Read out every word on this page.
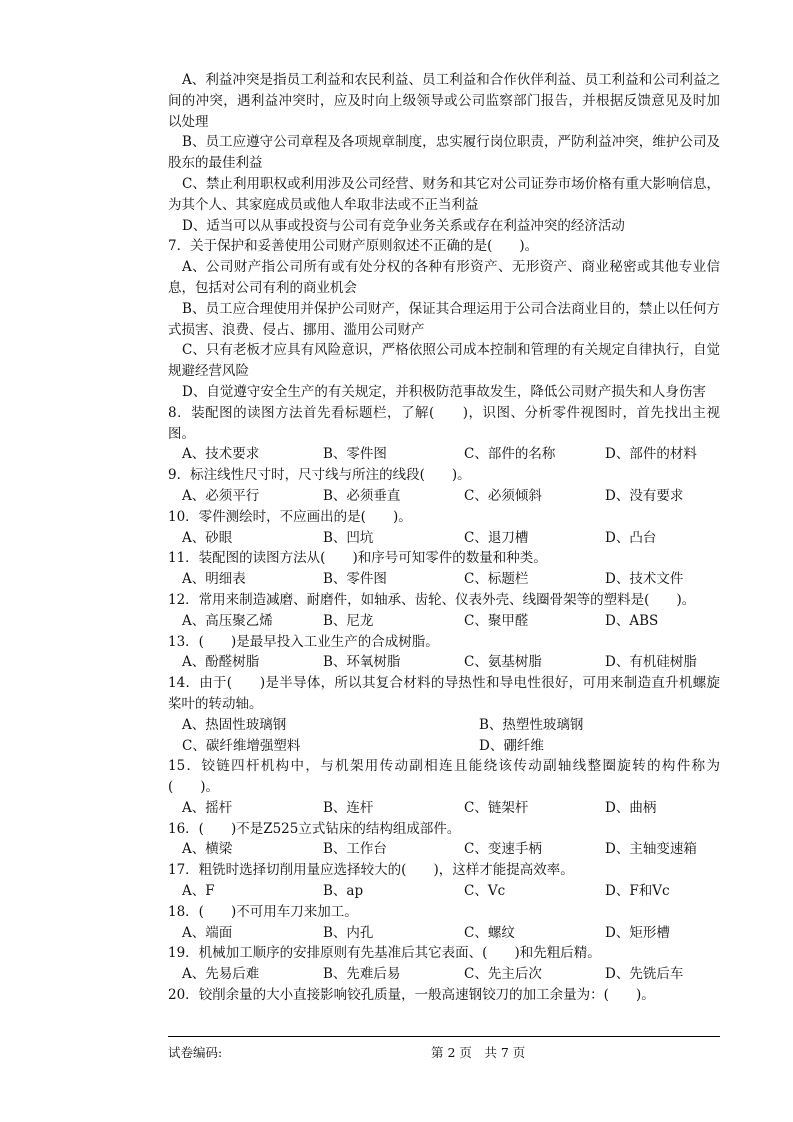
A、利益冲突是指员工利益和农民利益、员工利益和合作伙伴利益、员工利益和公司利益之间的冲突，遇利益冲突时，应及时向上级领导或公司监察部门报告，并根据反馈意见及时加以处理

B、员工应遵守公司章程及各项规章制度，忠实履行岗位职责，严防利益冲突，维护公司及股东的最佳利益

C、禁止利用职权或利用涉及公司经营、财务和其它对公司证券市场价格有重大影响信息，为其个人、其家庭成员或他人牟取非法或不正当利益

D、适当可以从事或投资与公司有竞争业务关系或存在利益冲突的经济活动

7．关于保护和妥善使用公司财产原则叙述不正确的是(　　)。

A、公司财产指公司所有或有处分权的各种有形资产、无形资产、商业秘密或其他专业信息，包括对公司有利的商业机会

B、员工应合理使用并保护公司财产，保证其合理运用于公司合法商业目的，禁止以任何方式损害、浪费、侵占、挪用、滥用公司财产

C、只有老板才应具有风险意识，严格依照公司成本控制和管理的有关规定自律执行，自觉规避经营风险

D、自觉遵守安全生产的有关规定，并积极防范事故发生，降低公司财产损失和人身伤害

8．装配图的读图方法首先看标题栏，了解(　　)，识图、分析零件视图时，首先找出主视图。

A、技术要求	B、零件图	C、部件的名称	D、部件的材料

9．标注线性尺寸时，尺寸线与所注的线段(　　)。

A、必须平行	B、必须垂直	C、必须倾斜	D、没有要求

10．零件测绘时，不应画出的是(　　)。

A、砂眼	B、凹坑	C、退刀槽	D、凸台

11．装配图的读图方法从(　　)和序号可知零件的数量和种类。

A、明细表	B、零件图	C、标题栏	D、技术文件

12．常用来制造减磨、耐磨件，如轴承、齿轮、仪表外壳、线圈骨架等的塑料是(　　)。

A、高压聚乙烯	B、尼龙	C、聚甲醛	D、ABS

13．(　　)是最早投入工业生产的合成树脂。

A、酚醛树脂	B、环氧树脂	C、氨基树脂	D、有机硅树脂

14．由于(　　)是半导体，所以其复合材料的导热性和导电性很好，可用来制造直升机螺旋桨叶的转动轴。

A、热固性玻璃钢	B、热塑性玻璃钢
C、碳纤维增强塑料	D、硼纤维

15．铰链四杆机构中，与机架用传动副相连且能绕该传动副轴线整圈旋转的构件称为(　　)。

A、摇杆	B、连杆	C、链架杆	D、曲柄

16．(　　)不是Z525立式钻床的结构组成部件。

A、横梁	B、工作台	C、变速手柄	D、主轴变速箱

17．粗铣时选择切削用量应选择较大的(　　)，这样才能提高效率。

A、F	B、ap	C、Vc	D、F和Vc

18．(　　)不可用车刀来加工。

A、端面	B、内孔	C、螺纹	D、矩形槽

19．机械加工顺序的安排原则有先基准后其它表面、(　　)和先粗后精。

A、先易后难	B、先难后易	C、先主后次	D、先铣后车

20．铰削余量的大小直接影响铰孔质量，一般高速钢铰刀的加工余量为：(　　)。

试卷编码:	第 2 页　共 7 页
